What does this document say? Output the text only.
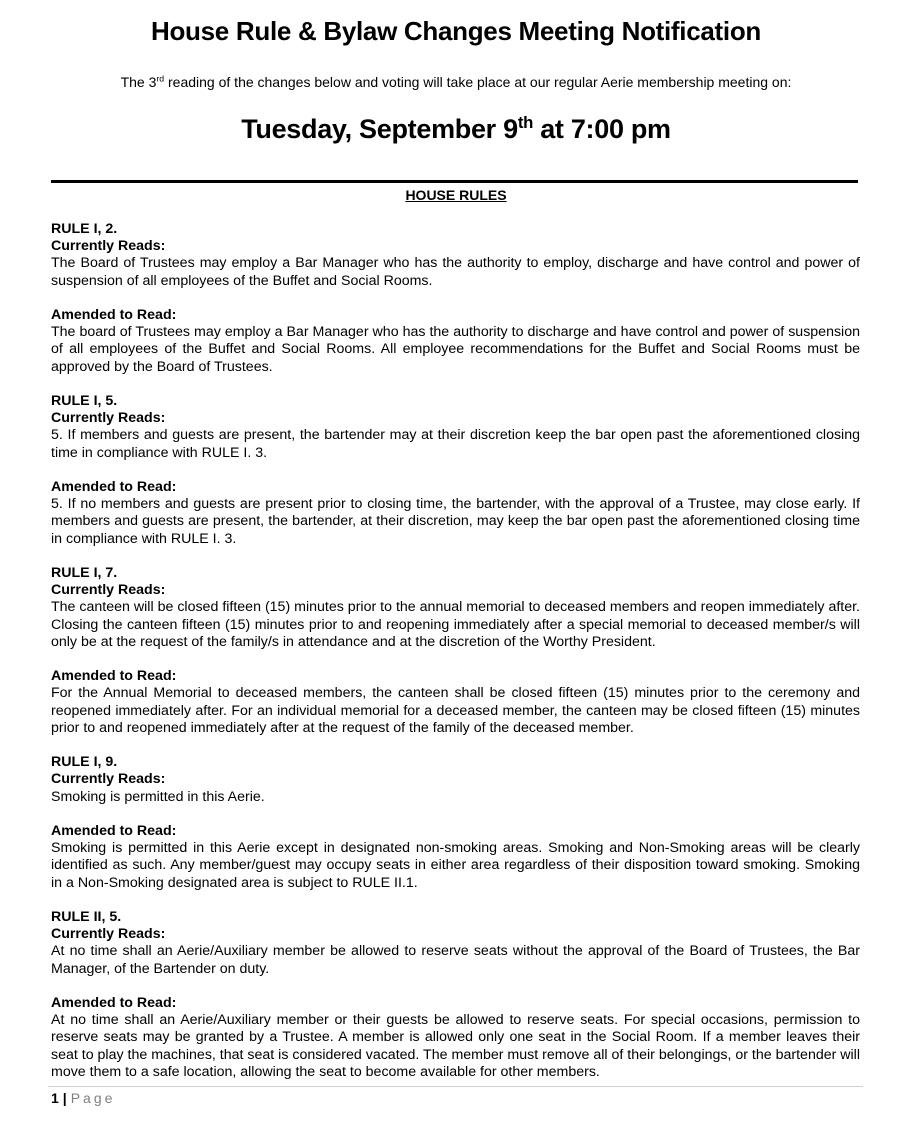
House Rule & Bylaw Changes Meeting Notification
The 3rd reading of the changes below and voting will take place at our regular Aerie membership meeting on:
Tuesday, September 9th at 7:00 pm
HOUSE RULES
RULE I, 2.
Currently Reads:
The Board of Trustees may employ a Bar Manager who has the authority to employ, discharge and have control and power of suspension of all employees of the Buffet and Social Rooms.
Amended to Read:
The board of Trustees may employ a Bar Manager who has the authority to discharge and have control and power of suspension of all employees of the Buffet and Social Rooms. All employee recommendations for the Buffet and Social Rooms must be approved by the Board of Trustees.
RULE I, 5.
Currently Reads:
5. If members and guests are present, the bartender may at their discretion keep the bar open past the aforementioned closing time in compliance with RULE I. 3.
Amended to Read:
5. If no members and guests are present prior to closing time, the bartender, with the approval of a Trustee, may close early. If members and guests are present, the bartender, at their discretion, may keep the bar open past the aforementioned closing time in compliance with RULE I. 3.
RULE I, 7.
Currently Reads:
The canteen will be closed fifteen (15) minutes prior to the annual memorial to deceased members and reopen immediately after. Closing the canteen fifteen (15) minutes prior to and reopening immediately after a special memorial to deceased member/s will only be at the request of the family/s in attendance and at the discretion of the Worthy President.
Amended to Read:
For the Annual Memorial to deceased members, the canteen shall be closed fifteen (15) minutes prior to the ceremony and reopened immediately after. For an individual memorial for a deceased member, the canteen may be closed fifteen (15) minutes prior to and reopened immediately after at the request of the family of the deceased member.
RULE I, 9.
Currently Reads:
Smoking is permitted in this Aerie.
Amended to Read:
Smoking is permitted in this Aerie except in designated non-smoking areas. Smoking and Non-Smoking areas will be clearly identified as such. Any member/guest may occupy seats in either area regardless of their disposition toward smoking. Smoking in a Non-Smoking designated area is subject to RULE II.1.
RULE II, 5.
Currently Reads:
At no time shall an Aerie/Auxiliary member be allowed to reserve seats without the approval of the Board of Trustees, the Bar Manager, of the Bartender on duty.
Amended to Read:
At no time shall an Aerie/Auxiliary member or their guests be allowed to reserve seats. For special occasions, permission to reserve seats may be granted by a Trustee. A member is allowed only one seat in the Social Room. If a member leaves their seat to play the machines, that seat is considered vacated. The member must remove all of their belongings, or the bartender will move them to a safe location, allowing the seat to become available for other members.
1 | Page
